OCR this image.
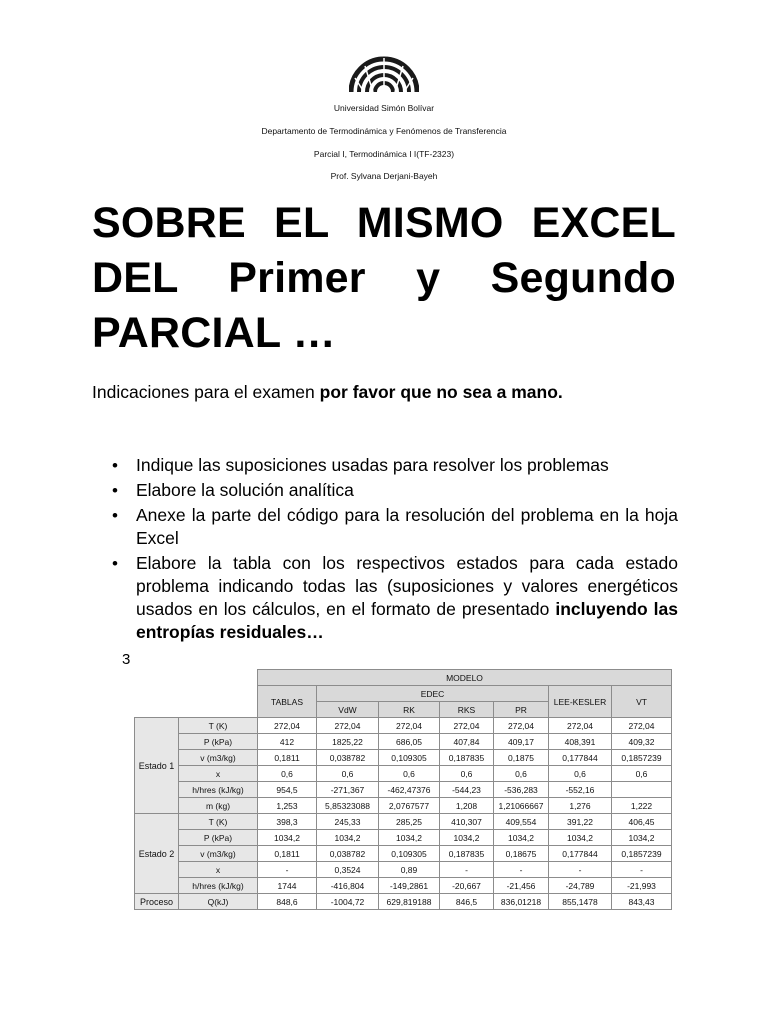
Universidad Simón Bolívar
Departamento de Termodinámica y Fenómenos de Transferencia
Parcial I, Termodinámica I I(TF-2323)
Prof. Sylvana Derjani-Bayeh
SOBRE EL MISMO EXCEL
DEL Primer y Segundo
PARCIAL …
Indicaciones para el examen por favor que no sea a mano.
• Indique las suposiciones usadas para resolver los problemas
• Elabore la solución analítica
• Anexe la parte del código para la resolución del problema en la hoja Excel
• Elabore la tabla con los respectivos estados para cada estado problema indicando todas las (suposiciones y valores energéticos usados en los cálculos, en el formato de presentado incluyendo las entropías residuales…
3
		MODELO						
		TABLAS	EDEC				LEE-KESLER	VT
			VdW	RK	RKS	PR		
Estado 1	T (K)	272,04	272,04	272,04	272,04	272,04	272,04	272,04
	P (kPa)	412	1825,22	686,05	407,84	409,17	408,391	409,32
	v (m3/kg)	0,1811	0,038782	0,109305	0,187835	0,1875	0,177844	0,1857239
	x	0,6	0,6	0,6	0,6	0,6	0,6	0,6
	h/hres (kJ/kg)	954,5	-271,367	-462,47376	-544,23	-536,283	-552,16	
	m (kg)	1,253	5,85323088	2,0767577	1,208	1,21066667	1,276	1,222
Estado 2	T (K)	398,3	245,33	285,25	410,307	409,554	391,22	406,45
	P (kPa)	1034,2	1034,2	1034,2	1034,2	1034,2	1034,2	1034,2
	v (m3/kg)	0,1811	0,038782	0,109305	0,187835	0,18675	0,177844	0,1857239
	x	-	0,3524	0,89	-	-	-	-
	h/hres (kJ/kg)	1744	-416,804	-149,2861	-20,667	-21,456	-24,789	-21,993
Proceso	Q(kJ)	848,6	-1004,72	629,819188	846,5	836,01218	855,1478	843,43
